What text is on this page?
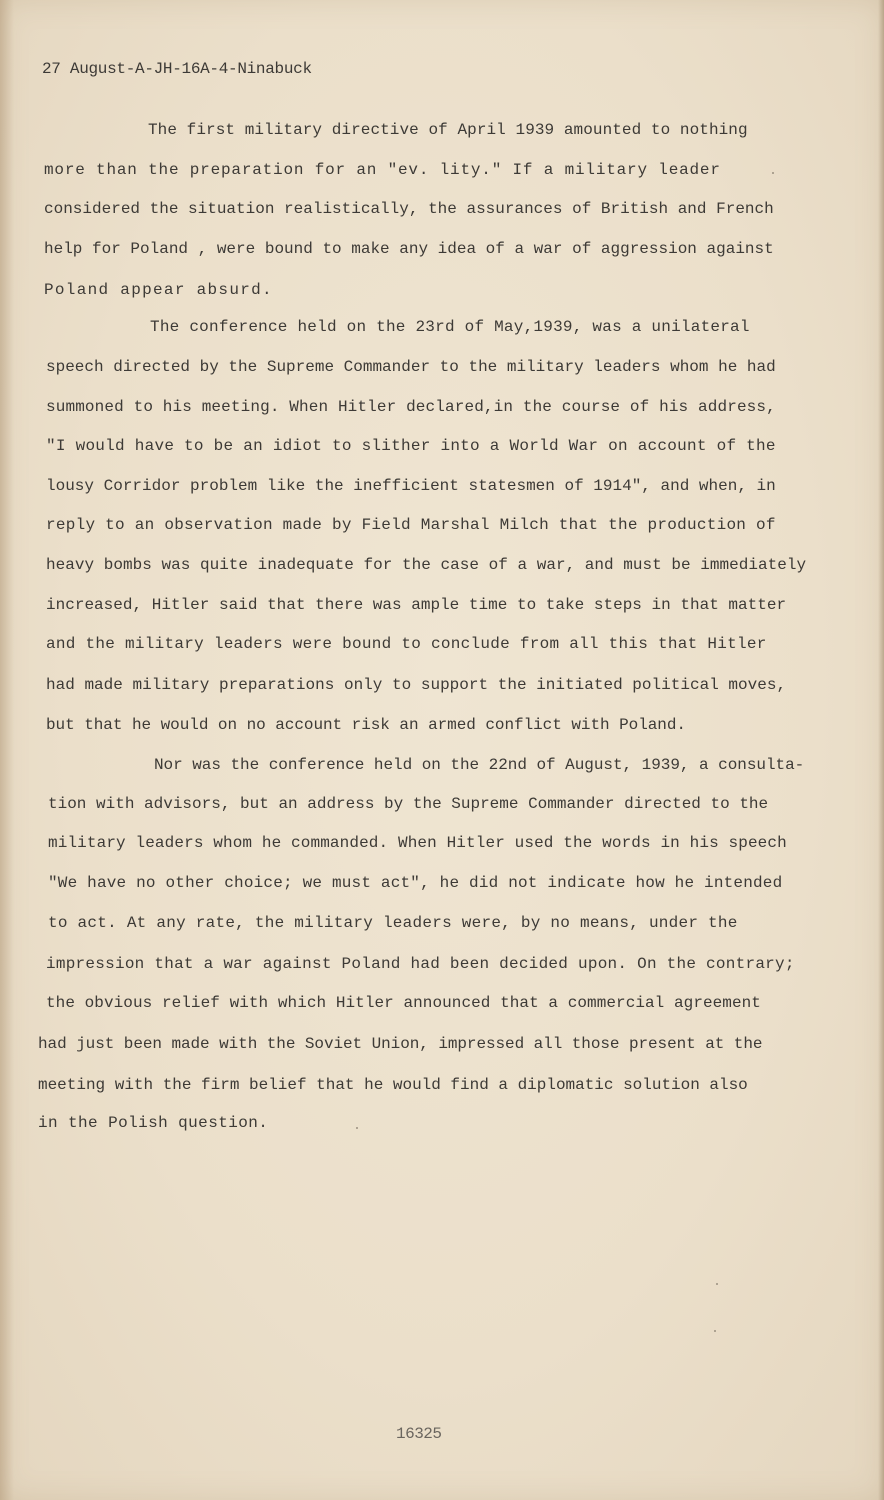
27 August-A-JH-16A-4-Ninabuck
The first military directive of April 1939 amounted to nothing
more than the preparation for an "ev. lity." If a military leader
considered the situation realistically, the assurances of British and French
help for Poland , were bound to make any idea of a war of aggression against
Poland appear absurd.
The conference held on the 23rd of May,1939, was a unilateral
speech directed by the Supreme Commander to the military leaders whom he had
summoned to his meeting. When Hitler declared,in the course of his address,
"I would have to be an idiot to slither into a World War on account of the
lousy Corridor problem like the inefficient statesmen of 1914", and when, in
reply to an observation made by Field Marshal Milch that the production of
heavy bombs was quite inadequate for the case of a war, and must be immediately
increased, Hitler said that there was ample time to take steps in that matter
and the military leaders were bound to conclude from all this that Hitler
had made military preparations only to support the initiated political moves,
but that he would on no account risk an armed conflict with Poland.
Nor was the conference held on the 22nd of August, 1939, a consulta-
tion with advisors, but an address by the Supreme Commander directed to the
military leaders whom he commanded. When Hitler used the words in his speech
"We have no other choice; we must act", he did not indicate how he intended
to act. At any rate, the military leaders were, by no means, under the
impression that a war against Poland had been decided upon. On the contrary;
the obvious relief with which Hitler announced that a commercial agreement
had just been made with the Soviet Union, impressed all those present at the
meeting with the firm belief that he would find a diplomatic solution also
in the Polish question.
16325
